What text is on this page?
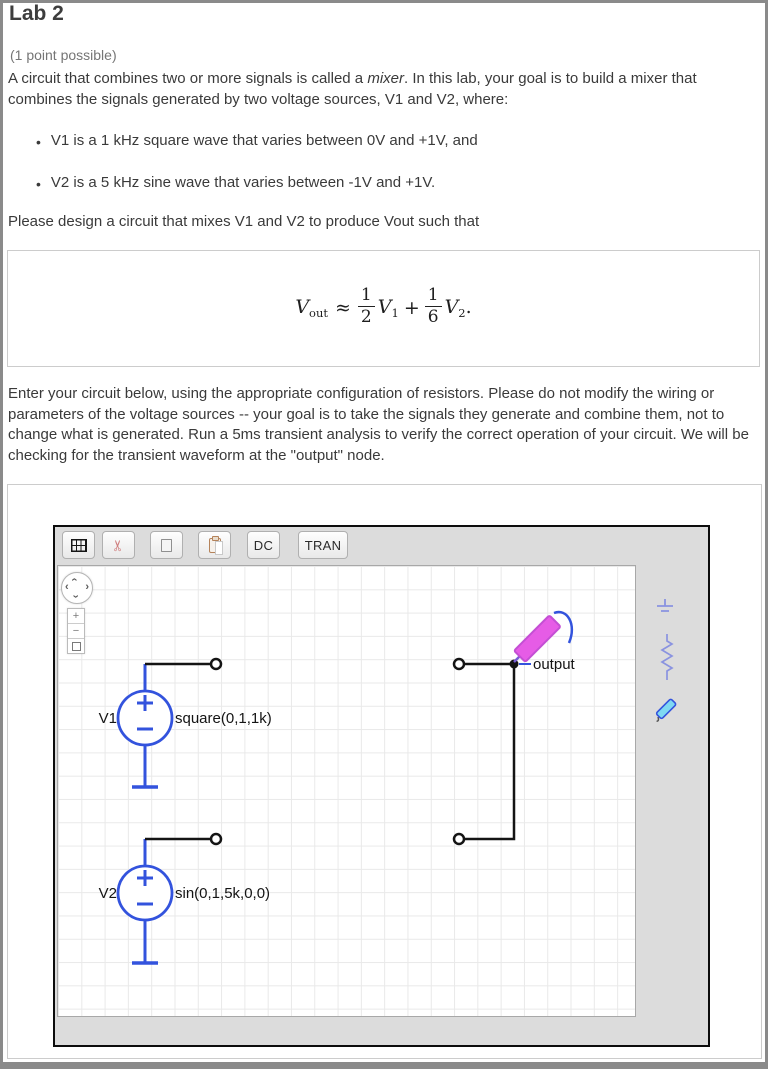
Lab 2
(1 point possible)
A circuit that combines two or more signals is called a mixer. In this lab, your goal is to build a mixer that combines the signals generated by two voltage sources, V1 and V2, where:
• V1 is a 1 kHz square wave that varies between 0V and +1V, and
• V2 is a 5 kHz sine wave that varies between -1V and +1V.
Please design a circuit that mixes V1 and V2 to produce Vout such that
$V_{out} \approx \frac{1}{2} V_1 + \frac{1}{6} V_2$.
Enter your circuit below, using the appropriate configuration of resistors. Please do not modify the wiring or parameters of the voltage sources -- your goal is to take the signals they generate and combine them, not to change what is generated. Run a 5ms transient analysis to verify the correct operation of your circuit. We will be checking for the transient waveform at the "output" node.
✂	DC TRAN
V1	square(0,1,1k)
V2	sin(0,1,5k,0,0)
output
›
›
‹ ›
+
−
